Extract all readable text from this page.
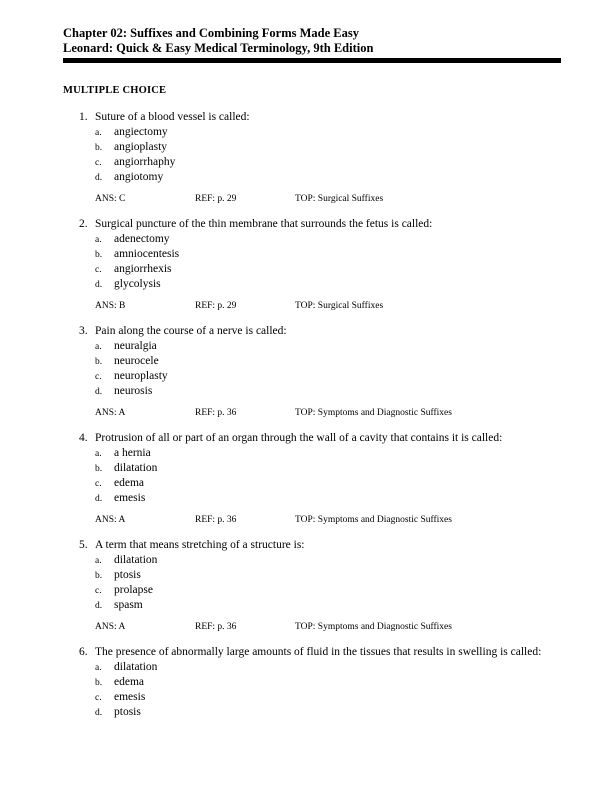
Chapter 02: Suffixes and Combining Forms Made Easy
Leonard: Quick & Easy Medical Terminology, 9th Edition
MULTIPLE CHOICE
1. Suture of a blood vessel is called:
a. angiectomy
b. angioplasty
c. angiorrhaphy
d. angiotomy
ANS: C	REF: p. 29	TOP: Surgical Suffixes
2. Surgical puncture of the thin membrane that surrounds the fetus is called:
a. adenectomy
b. amniocentesis
c. angiorrhexis
d. glycolysis
ANS: B	REF: p. 29	TOP: Surgical Suffixes
3. Pain along the course of a nerve is called:
a. neuralgia
b. neurocele
c. neuroplasty
d. neurosis
ANS: A	REF: p. 36	TOP: Symptoms and Diagnostic Suffixes
4. Protrusion of all or part of an organ through the wall of a cavity that contains it is called:
a. a hernia
b. dilatation
c. edema
d. emesis
ANS: A	REF: p. 36	TOP: Symptoms and Diagnostic Suffixes
5. A term that means stretching of a structure is:
a. dilatation
b. ptosis
c. prolapse
d. spasm
ANS: A	REF: p. 36	TOP: Symptoms and Diagnostic Suffixes
6. The presence of abnormally large amounts of fluid in the tissues that results in swelling is called:
a. dilatation
b. edema
c. emesis
d. ptosis
